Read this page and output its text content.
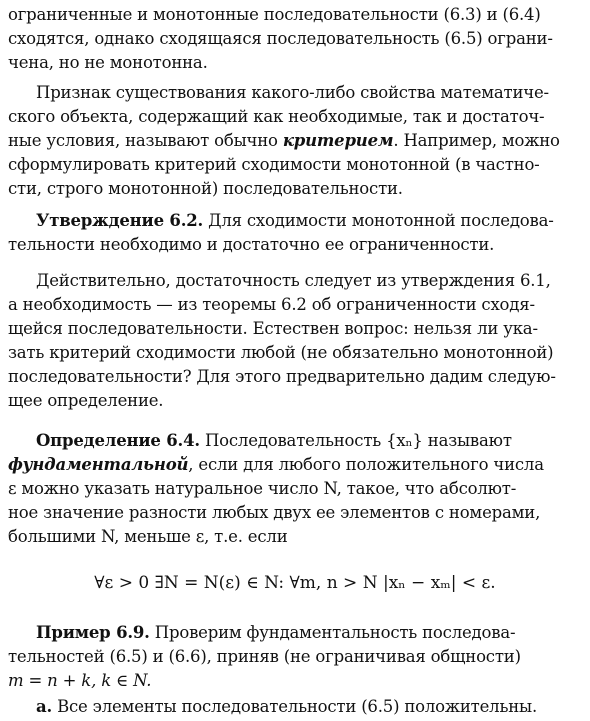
ограниченные и монотонные последовательности (6.3) и (6.4)
сходятся, однако сходящаяся последовательность (6.5) ограни-
чена, но не монотонна.
Признак существования какого-либо свойства математиче-
ского объекта, содержащий как необходимые, так и достаточ-
ные условия, называют обычно критерием. Например, можно
сформулировать критерий сходимости монотонной (в частно-
сти, строго монотонной) последовательности.
Утверждение 6.2. Для сходимости монотонной последова-
тельности необходимо и достаточно ее ограниченности.
Действительно, достаточность следует из утверждения 6.1,
а необходимость — из теоремы 6.2 об ограниченности сходя-
щейся последовательности. Естествен вопрос: нельзя ли ука-
зать критерий сходимости любой (не обязательно монотонной)
последовательности? Для этого предварительно дадим следую-
щее определение.
Определение 6.4. Последовательность {xₙ} называют
фундаментальной, если для любого положительного числа
ε можно указать натуральное число N, такое, что абсолют-
ное значение разности любых двух ее элементов с номерами,
большими N, меньше ε, т.е. если
∀ε > 0 ∃N = N(ε) ∈ N: ∀m, n > N |xₙ − xₘ| < ε.
Пример 6.9. Проверим фундаментальность последова-
тельностей (6.5) и (6.6), приняв (не ограничивая общности)
m = n + k, k ∈ N.
а. Все элементы последовательности (6.5) положительны.
